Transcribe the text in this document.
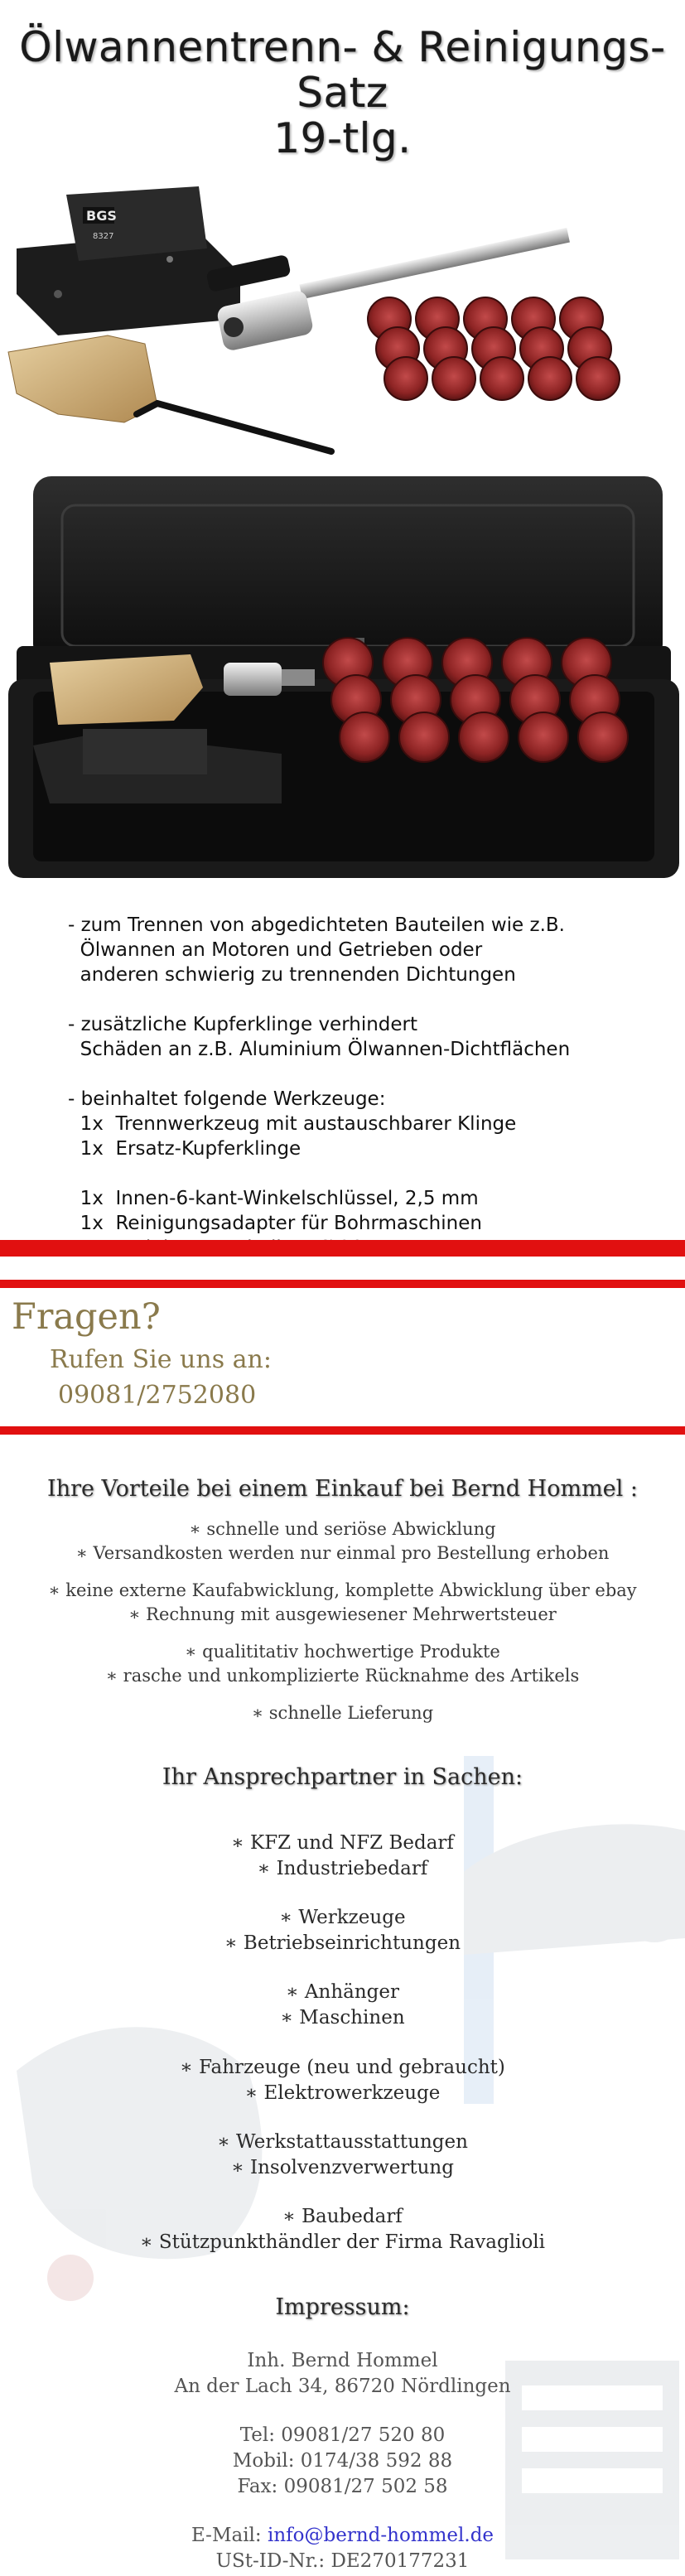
Ölwannentrenn- & Reinigungs-Satz
19-tlg.
BGS
8327
- zum Trennen von abgedichteten Bauteilen wie z.B.
Ölwannen an Motoren und Getrieben oder
anderen schwierig zu trennenden Dichtungen
- zusätzliche Kupferklinge verhindert
Schäden an z.B. Aluminium Ölwannen-Dichtflächen
- beinhaltet folgende Werkzeuge:
1x  Trennwerkzeug mit austauschbarer Klinge
1x  Ersatz-Kupferklinge
1x  Innen-6-kant-Winkelschlüssel, 2,5 mm
1x  Reinigungsadapter für Bohrmaschinen
Fragen?
Rufen Sie uns an:
09081/2752080
Ihre Vorteile bei einem Einkauf bei Bernd Hommel :
∗ schnelle und seriöse Abwicklung
∗ Versandkosten werden nur einmal pro Bestellung erhoben
∗ keine externe Kaufabwicklung, komplette Abwicklung über ebay
∗ Rechnung mit ausgewiesener Mehrwertsteuer
∗ qualititativ hochwertige Produkte
∗ rasche und unkomplizierte Rücknahme des Artikels
∗ schnelle Lieferung
Ihr Ansprechpartner in Sachen:
∗ KFZ und NFZ Bedarf
∗ Industriebedarf
∗ Werkzeuge
∗ Betriebseinrichtungen
∗ Anhänger
∗ Maschinen
∗ Fahrzeuge (neu und gebraucht)
∗ Elektrowerkzeuge
∗ Werkstattausstattungen
∗ Insolvenzverwertung
∗ Baubedarf
∗ Stützpunkthändler der Firma Ravaglioli
Impressum:
Inh. Bernd Hommel
An der Lach 34, 86720 Nördlingen
Tel: 09081/27 520 80
Mobil: 0174/38 592 88
Fax: 09081/27 502 58
E-Mail: info@bernd-hommel.de
USt-ID-Nr.: DE270177231
